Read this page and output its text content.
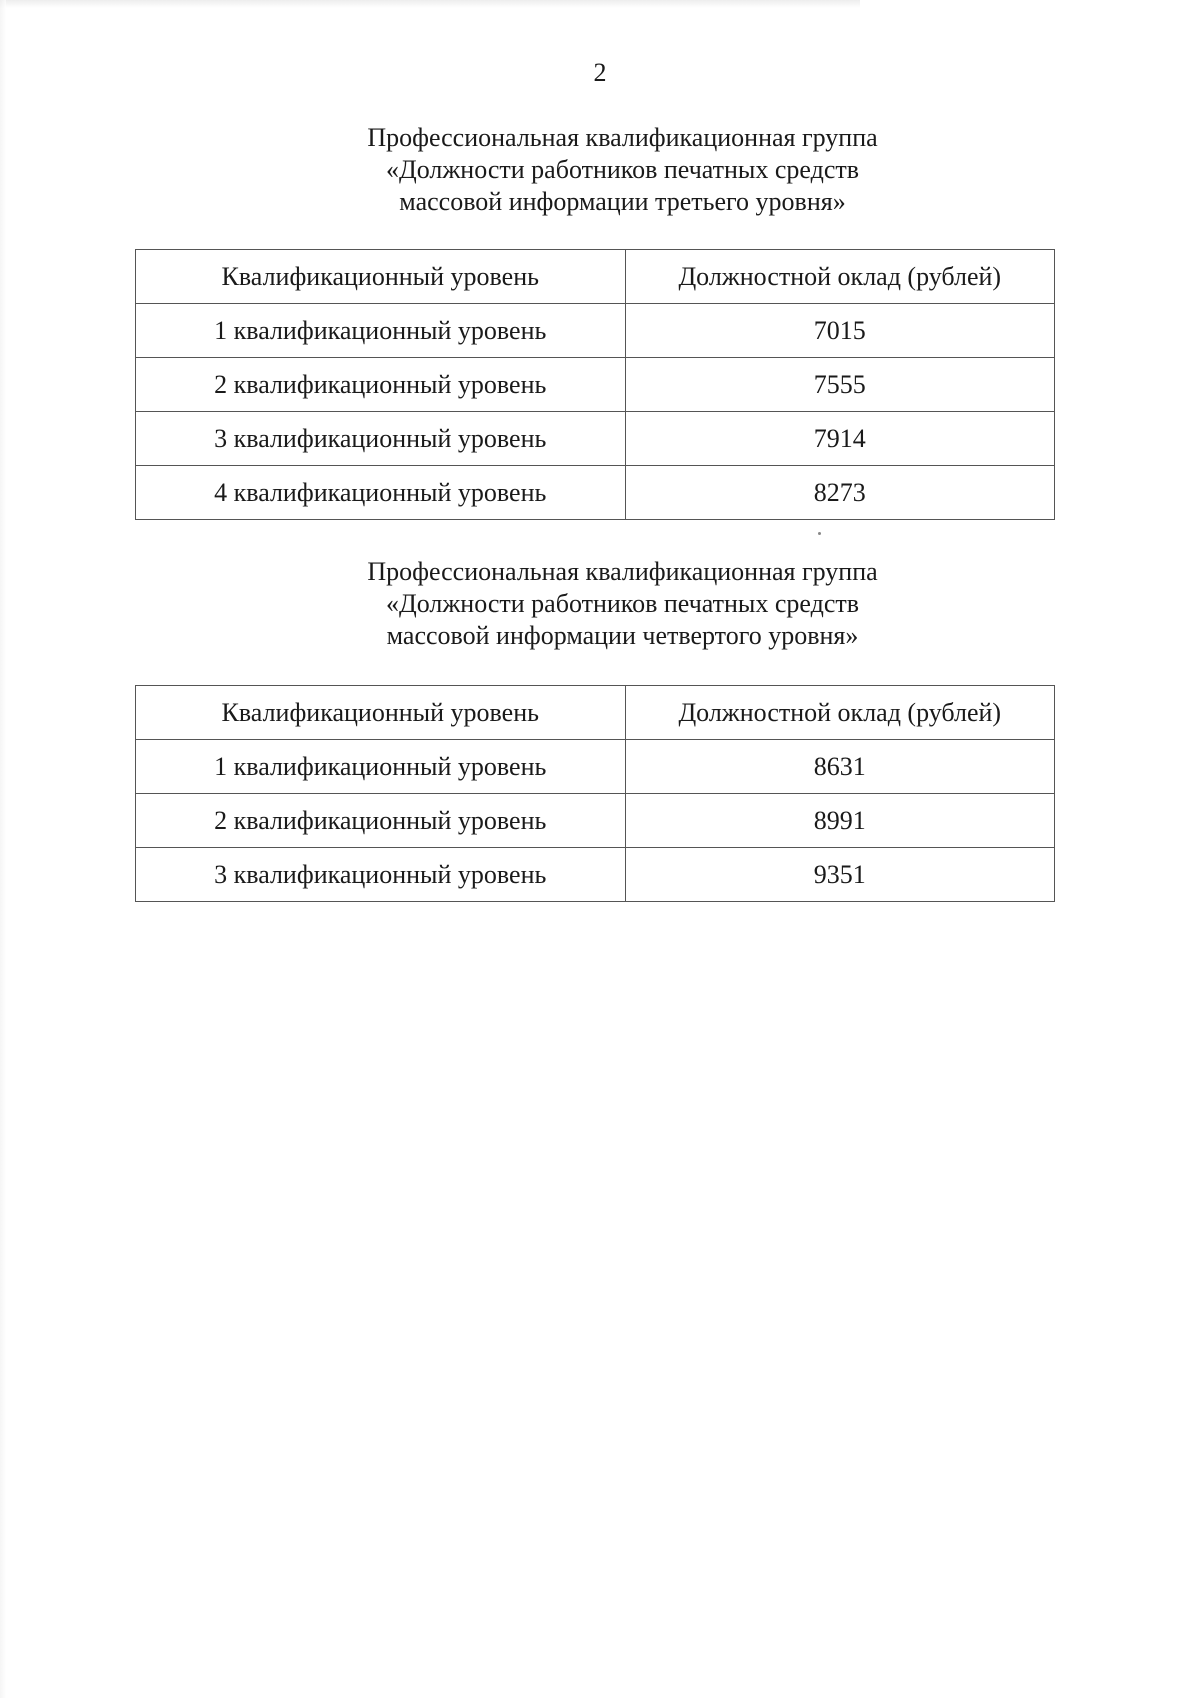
2
Профессиональная квалификационная группа
«Должности работников печатных средств
массовой информации третьего уровня»
Квалификационный уровень	Должностной оклад (рублей)
1 квалификационный уровень	7015
2 квалификационный уровень	7555
3 квалификационный уровень	7914
4 квалификационный уровень	8273
Профессиональная квалификационная группа
«Должности работников печатных средств
массовой информации четвертого уровня»
Квалификационный уровень	Должностной оклад (рублей)
1 квалификационный уровень	8631
2 квалификационный уровень	8991
3 квалификационный уровень	9351
